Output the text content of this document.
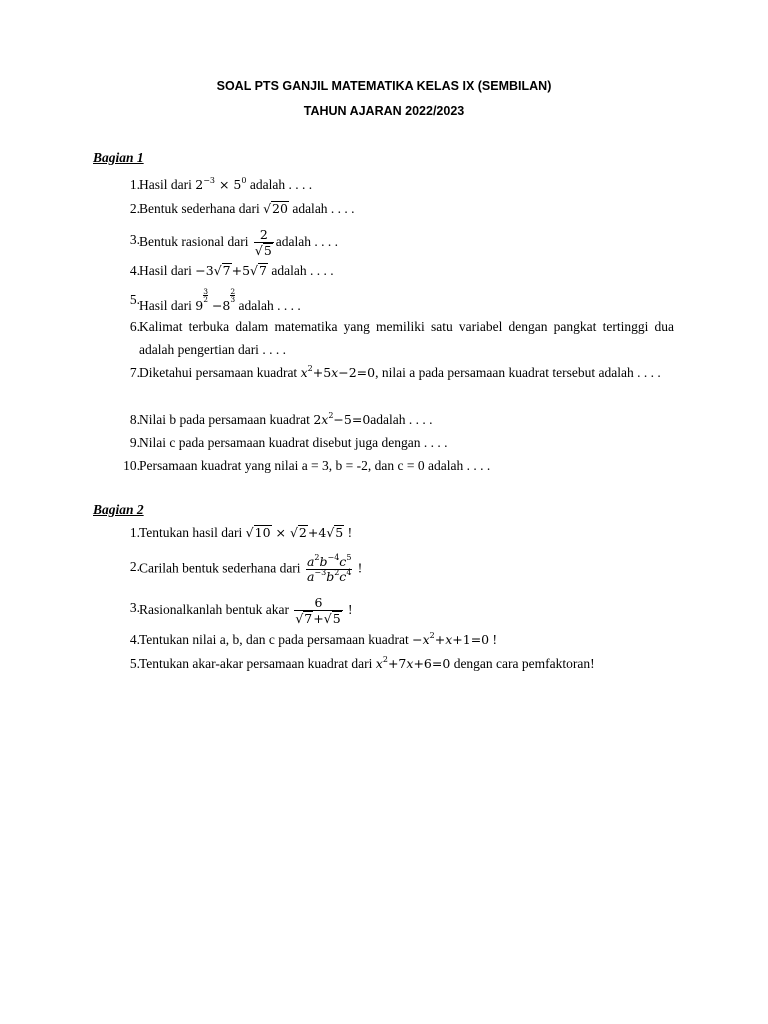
SOAL PTS GANJIL MATEMATIKA KELAS IX (SEMBILAN)
TAHUN AJARAN 2022/2023
Bagian 1
1. Hasil dari $2^{-3} \times 5^0$ adalah . . . .
2. Bentuk sederhana dari √20 adalah . . . .
3. Bentuk rasional dari $\frac{2}{√5}$ adalah . . . .
4. Hasil dari −3√7+5√7 adalah . . . .
5. Hasil dari 9
$\frac{3}{2}$
−8
$\frac{2}{3}$
adalah . . . .
6. Kalimat terbuka dalam matematika yang memiliki satu variabel dengan pangkat tertinggi dua adalah pengertian dari . . . .
7. Diketahui persamaan kuadrat $x^2+5x-2=0$, nilai a pada persamaan kuadrat tersebut adalah . . . .
8. Nilai b pada persamaan kuadrat $2x^2-5=0adalah$ . . . .
9. Nilai c pada persamaan kuadrat disebut juga dengan . . . .
10. Persamaan kuadrat yang nilai a = 3, b = -2, dan c = 0 adalah . . . .
Bagian 2
1. Tentukan hasil dari √10 × √2+4√5 !
2. Carilah bentuk sederhana dari $\frac{a^2b^{-4}c^5}{a^{-3}b^2c^4}$ !
3. Rasionalkanlah bentuk akar $\frac{6}{√7+√5}$ !
4. Tentukan nilai a, b, dan c pada persamaan kuadrat $-x^2+x+1=0$ !
5. Tentukan akar-akar persamaan kuadrat dari $x^2+7x+6=0$ dengan cara pemfaktoran!
